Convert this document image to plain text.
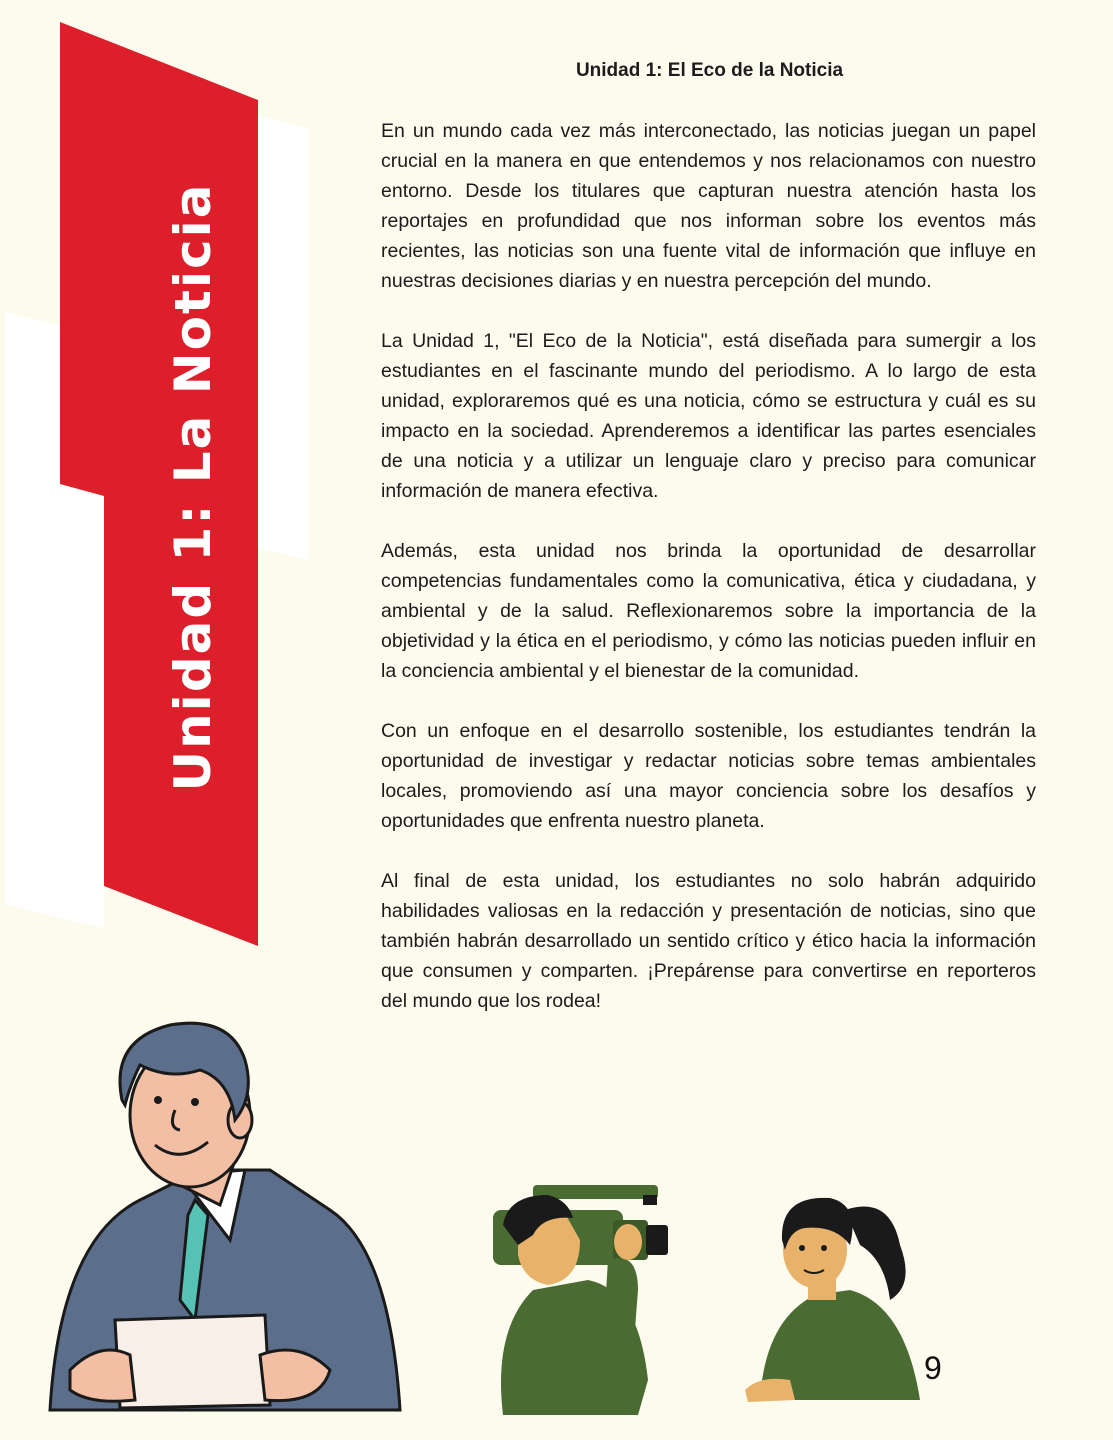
Unidad 1: La Noticia
Unidad 1: El Eco de la Noticia

En un mundo cada vez más interconectado, las noticias juegan un papel crucial en la manera en que entendemos y nos relacionamos con nuestro entorno. Desde los titulares que capturan nuestra atención hasta los reportajes en profundidad que nos informan sobre los eventos más recientes, las noticias son una fuente vital de información que influye en nuestras decisiones diarias y en nuestra percepción del mundo.

La Unidad 1, "El Eco de la Noticia", está diseñada para sumergir a los estudiantes en el fascinante mundo del periodismo. A lo largo de esta unidad, exploraremos qué es una noticia, cómo se estructura y cuál es su impacto en la sociedad. Aprenderemos a identificar las partes esenciales de una noticia y a utilizar un lenguaje claro y preciso para comunicar información de manera efectiva.

Además, esta unidad nos brinda la oportunidad de desarrollar competencias fundamentales como la comunicativa, ética y ciudadana, y ambiental y de la salud. Reflexionaremos sobre la importancia de la objetividad y la ética en el periodismo, y cómo las noticias pueden influir en la conciencia ambiental y el bienestar de la comunidad.

Con un enfoque en el desarrollo sostenible, los estudiantes tendrán la oportunidad de investigar y redactar noticias sobre temas ambientales locales, promoviendo así una mayor conciencia sobre los desafíos y oportunidades que enfrenta nuestro planeta.

Al final de esta unidad, los estudiantes no solo habrán adquirido habilidades valiosas en la redacción y presentación de noticias, sino que también habrán desarrollado un sentido crítico y ético hacia la información que consumen y comparten. ¡Prepárense para convertirse en reporteros del mundo que los rodea!

9
